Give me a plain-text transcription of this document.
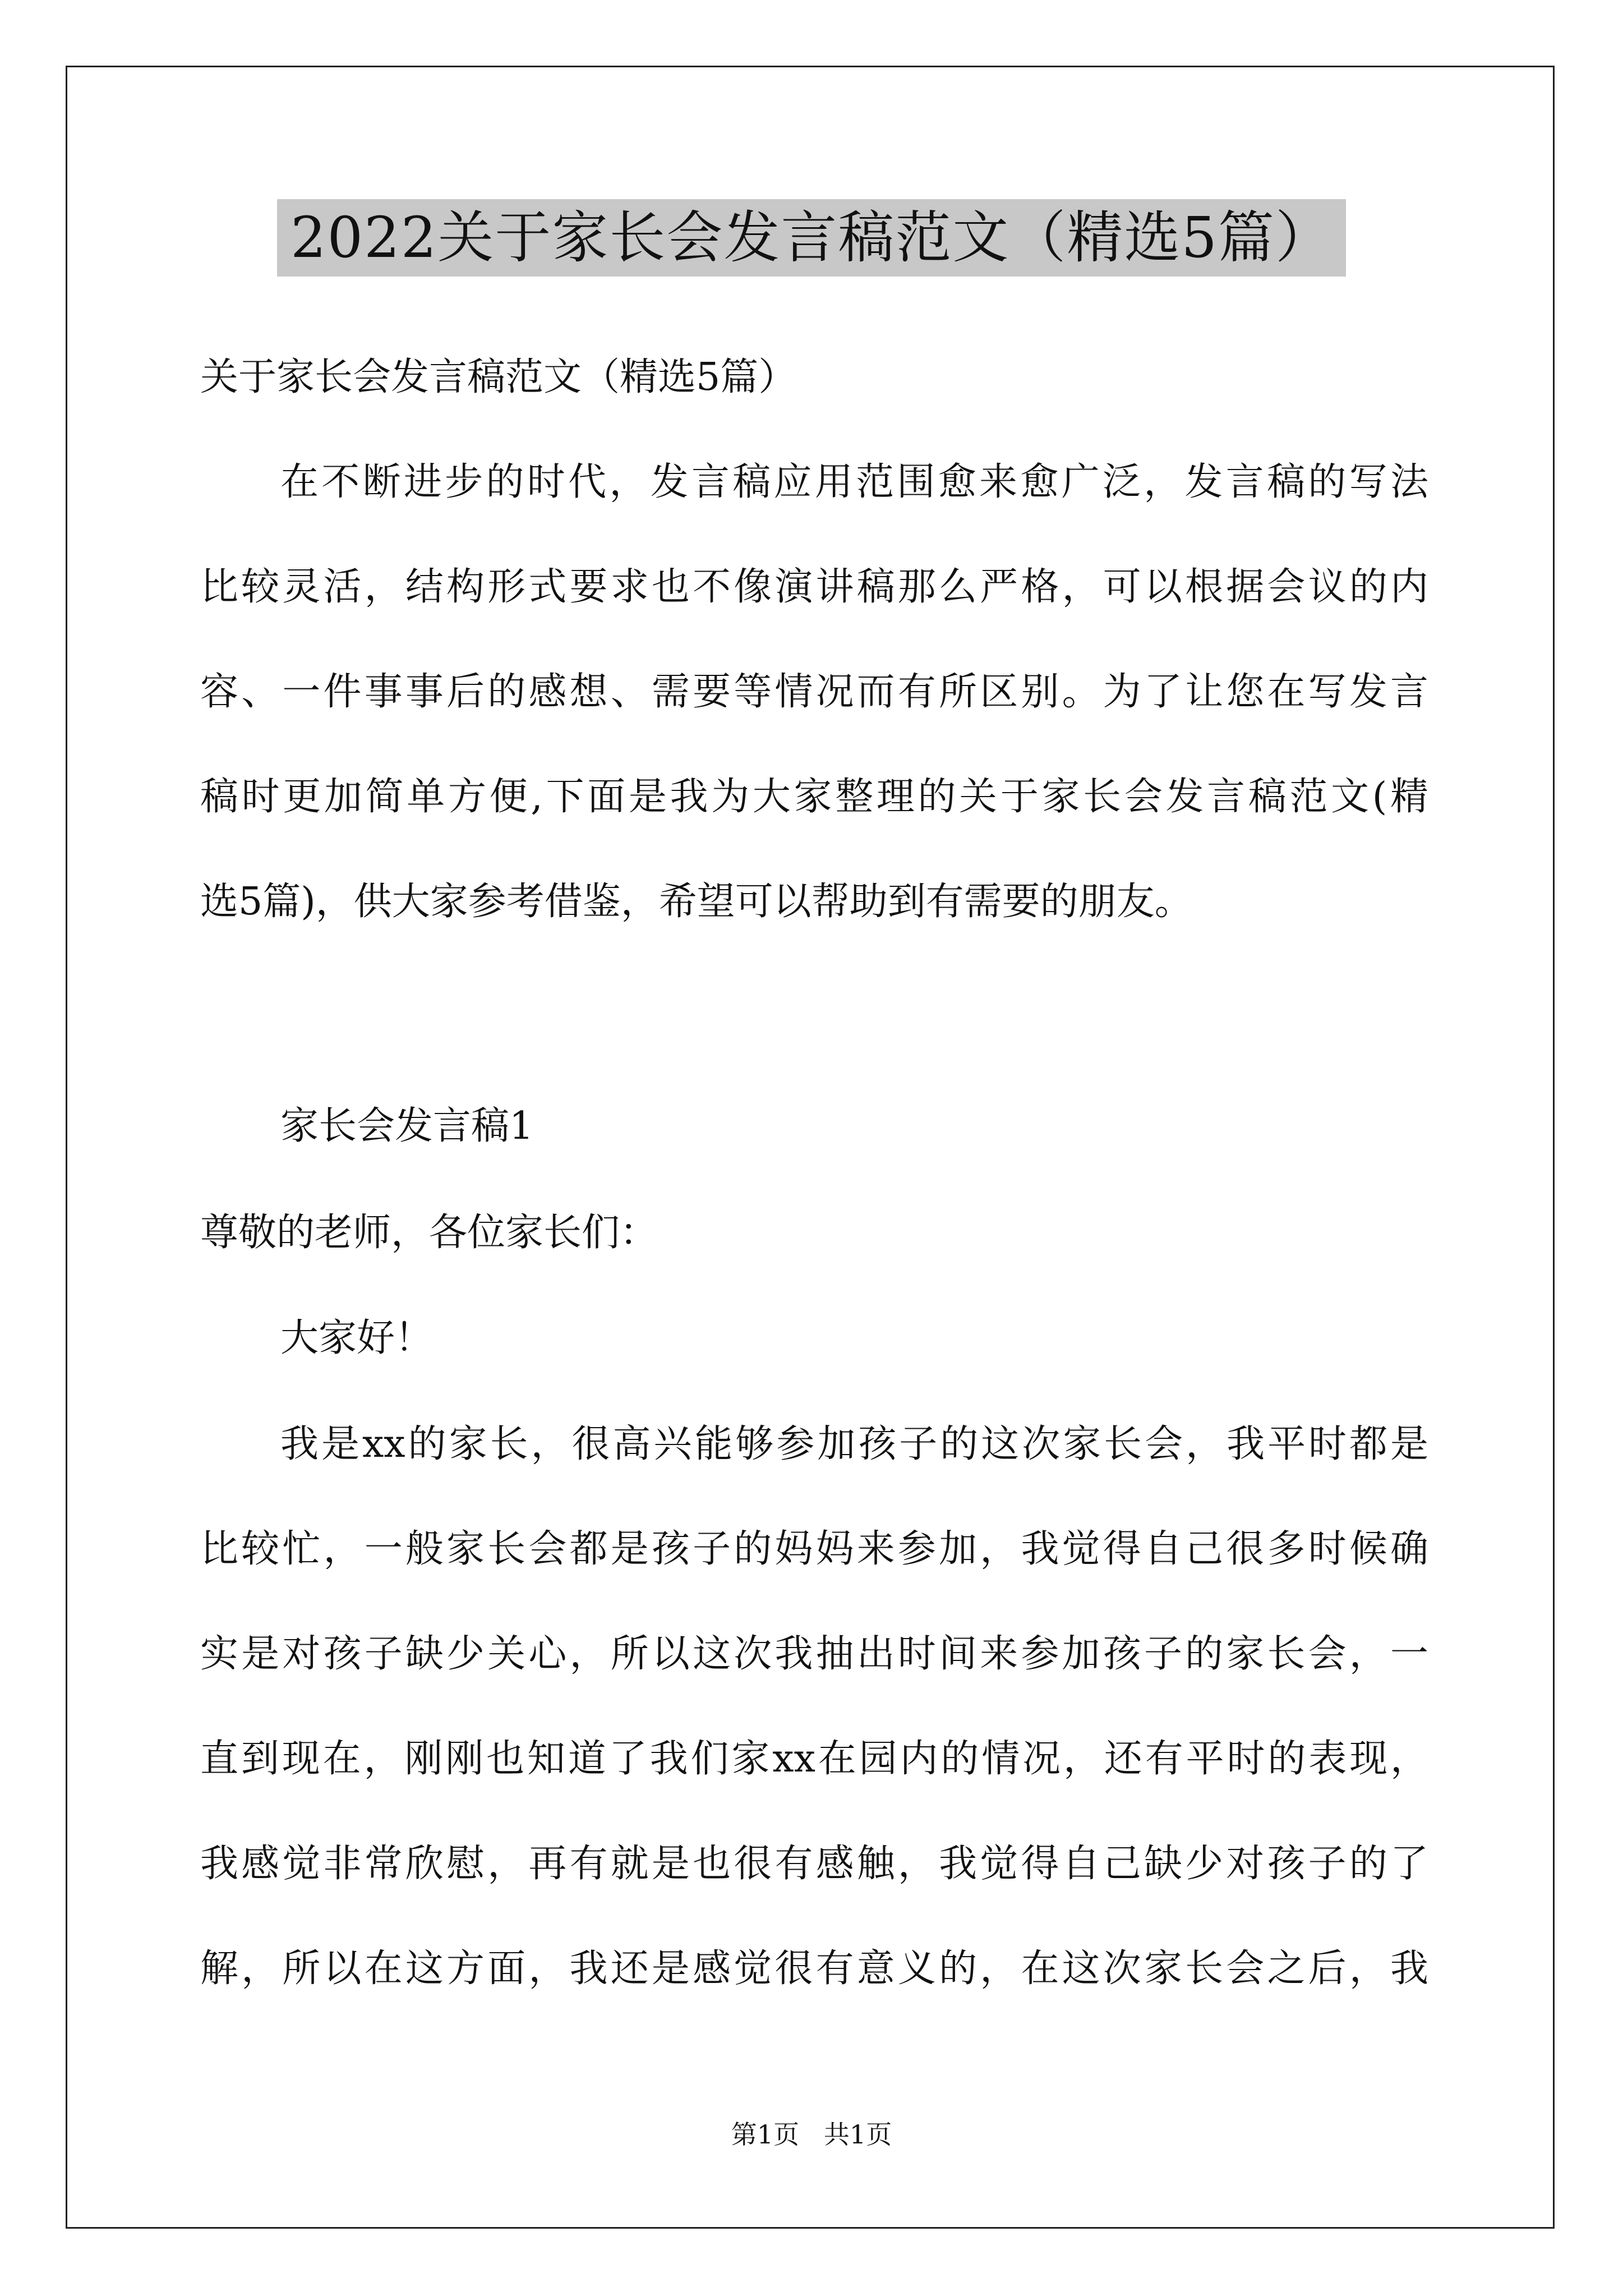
2022关于家长会发言稿范文（精选5篇）
关于家长会发言稿范文（精选5篇）
在不断进步的时代，发言稿应用范围愈来愈广泛，发言稿的写法
比较灵活，结构形式要求也不像演讲稿那么严格，可以根据会议的内
容、一件事事后的感想、需要等情况而有所区别。为了让您在写发言
稿时更加简单方便,下面是我为大家整理的关于家长会发言稿范文(精
选5篇)，供大家参考借鉴，希望可以帮助到有需要的朋友。
家长会发言稿1
尊敬的老师，各位家长们：
大家好！
我是xx的家长，很高兴能够参加孩子的这次家长会，我平时都是
比较忙，一般家长会都是孩子的妈妈来参加，我觉得自己很多时候确
实是对孩子缺少关心，所以这次我抽出时间来参加孩子的家长会，一
直到现在，刚刚也知道了我们家xx在园内的情况，还有平时的表现，
我感觉非常欣慰，再有就是也很有感触，我觉得自己缺少对孩子的了
解，所以在这方面，我还是感觉很有意义的，在这次家长会之后，我
第1页   共1页
